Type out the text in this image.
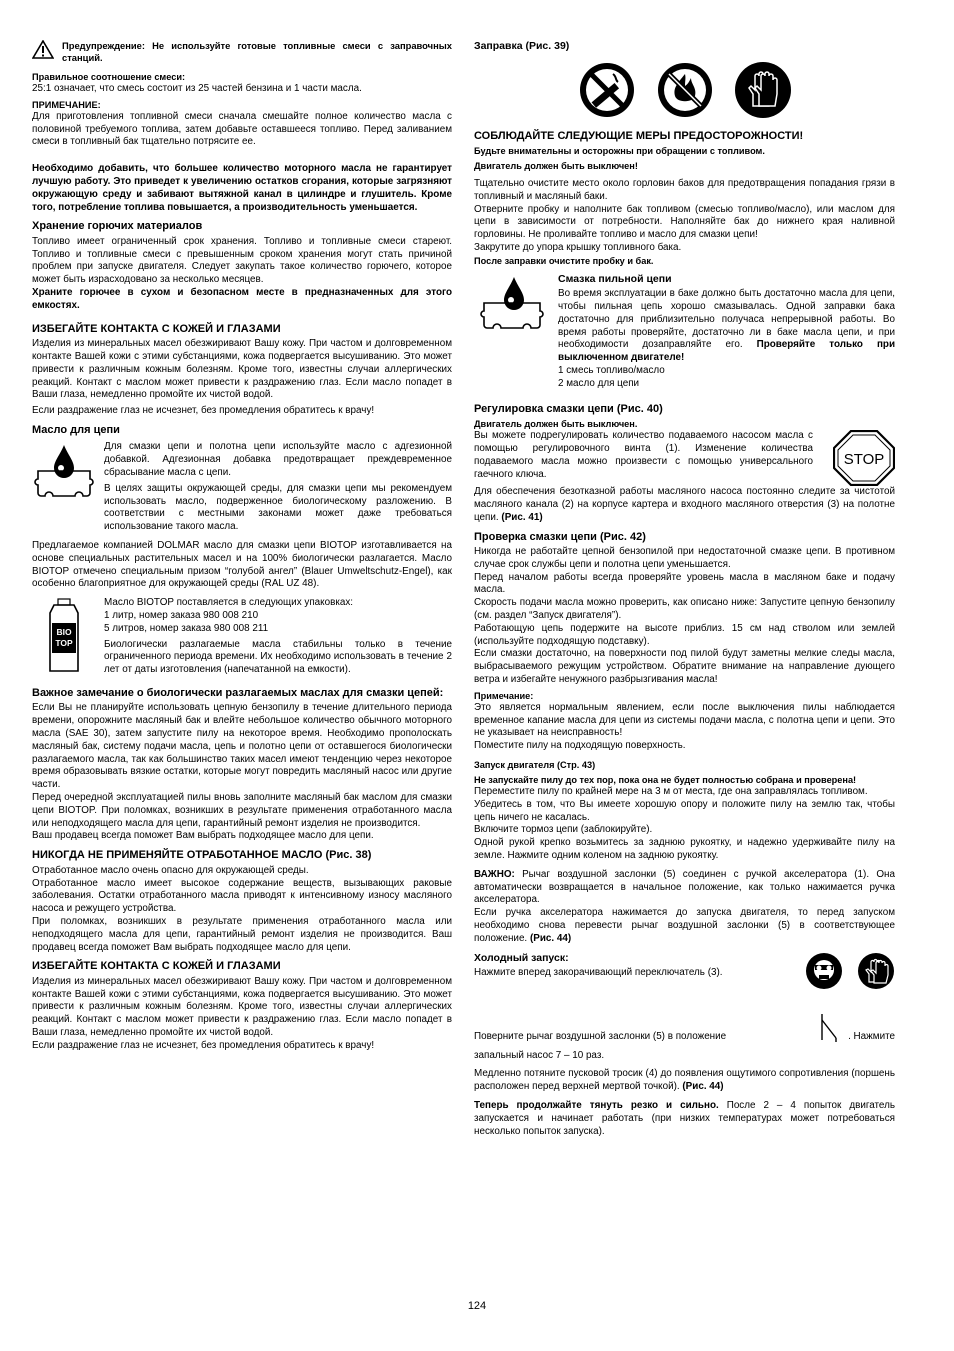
Предупреждение: Не используйте готовые топливные смеси с заправочных станций.

Правильное соотношение смеси:

25:1 означает, что смесь состоит из 25 частей бензина и 1 части масла.

ПРИМЕЧАНИЕ:

Для приготовления топливной смеси сначала смешайте полное количество масла с половиной требуемого топлива, затем добавьте оставшееся топливо. Перед заливанием смеси в топливный бак тщательно потрясите ее.

Необходимо добавить, что большее количество моторного масла не гарантирует лучшую работу. Это приведет к увеличению остатков сгорания, которые загрязняют окружающую среду и забивают вытяжной канал в цилиндре и глушитель. Кроме того, потребление топлива повышается, а производительность уменьшается.

Хранение горючих материалов

Топливо имеет ограниченный срок хранения. Топливо и топливные смеси стареют. Топливо и топливные смеси с превышенным сроком хранения могут стать причиной проблем при запуске двигателя. Следует закупать такое количество горючего, которое может быть израсходовано за несколько месяцев.

Храните горючее в сухом и безопасном месте в предназначенных для этого емкостях.

ИЗБЕГАЙТЕ КОНТАКТА С КОЖЕЙ И ГЛАЗАМИ

Изделия из минеральных масел обезжиривают Вашу кожу. При частом и долговременном контакте Вашей кожи с этими субстанциями, кожа подвергается высушиванию. Это может привести к различным кожным болезням. Кроме того, известны случаи аллергических реакций. Контакт с маслом может привести к раздражению глаз. Если масло попадет в Ваши глаза, немедленно промойте их чистой водой.

Если раздражение глаз не исчезнет, без промедления обратитесь к врачу!

Масло для цепи

Для смазки цепи и полотна цепи используйте масло с адгезионной добавкой. Адгезионная добавка предотвращает преждевременное сбрасывание масла с цепи.

В целях защиты окружающей среды, для смазки цепи мы рекомендуем использовать масло, подверженное биологическому разложению. В соответствии с местными законами может даже требоваться использование такого масла.

Предлагаемое компанией DOLMAR масло для смазки цепи BIOTOP изготавливается на основе специальных растительных масел и на 100% биологически разлагается. Масло BIOTOP отмечено специальным призом “голубой ангел” (Blauer Umweltschutz-Engel), как особенно благоприятное для окружающей среды (RAL UZ 48).

BIO
TOP

Масло BIOTOP поставляется в следующих упаковках:

1 литр, номер заказа 980 008 210

5 литров, номер заказа 980 008 211

Биологически разлагаемые масла стабильны только в течение ограниченного периода времени. Их необходимо использовать в течение 2 лет от даты изготовления (напечатанной на емкости).

Важное замечание о биологически разлагаемых маслах для смазки цепей:

Если Вы не планируйте использовать цепную бензопилу в течение длительного периода времени, опорожните масляный бак и влейте небольшое количество обычного моторного масла (SAE 30), затем запустите пилу на некоторое время. Необходимо прополоскать масляный бак, систему подачи масла, цепь и полотно цепи от оставшегося биологически разлагаемого масла, так как большинство таких масел имеют тенденцию через некоторое время образовывать вязкие остатки, которые могут повредить масляный насос или другие части.

Перед очередной эксплуатацией пилы вновь заполните масляный бак маслом для смазки цепи BIOTOP. При поломках, возникших в результате применения отработанного масла или неподходящего масла для цепи, гарантийный ремонт изделия не производится.

Ваш продавец всегда поможет Вам выбрать подходящее масло для цепи.

НИКОГДА НЕ ПРИМЕНЯЙТЕ ОТРАБОТАННОЕ МАСЛО (Рис. 38)

Отработанное масло очень опасно для окружающей среды.

Отработанное масло имеет высокое содержание веществ, вызывающих раковые заболевания. Остатки отработанного масла приводят к интенсивному износу масляного насоса и режущего устройства.

При поломках, возникших в результате применения отработанного масла или неподходящего масла для цепи, гарантийный ремонт изделия не производится. Ваш продавец всегда поможет Вам выбрать подходящее масло для цепи.

ИЗБЕГАЙТЕ КОНТАКТА С КОЖЕЙ И ГЛАЗАМИ

Изделия из минеральных масел обезжиривают Вашу кожу. При частом и долговременном контакте Вашей кожи с этими субстанциями, кожа подвергается высушиванию. Это может привести к различным кожным болезням. Кроме того, известны случаи аллергических реакций. Контакт с маслом может привести к раздражению глаз. Если масло попадет в Ваши глаза, немедленно промойте их чистой водой.

Если раздражение глаз не исчезнет, без промедления обратитесь к врачу!

Заправка (Рис. 39)
СОБЛЮДАЙТЕ СЛЕДУЮЩИЕ МЕРЫ ПРЕДОСТОРОЖНОСТИ!

Будьте внимательны и осторожны при обращении с топливом.

Двигатель должен быть выключен!

Тщательно очистите место около горловин баков для предотвращения попадания грязи в топливный и масляный баки.

Отверните пробку и наполните бак топливом (смесью топливо/масло), или маслом для цепи в зависимости от потребности. Наполняйте бак до нижнего края наливной горловины. Не проливайте топливо и масло для смазки цепи!

Закрутите до упора крышку топливного бака.

После заправки очистите пробку и бак.

Смазка пильной цепи

Во время эксплуатации в баке должно быть достаточно масла для цепи, чтобы пильная цепь хорошо смазывалась. Одной заправки бака достаточно для приблизительно получаса непрерывной работы. Во время работы проверяйте, достаточно ли в баке масла цепи, и при необходимости дозаправляйте его. Проверяйте только при выключенном двигателе!

1 смесь топливо/масло

2 масло для цепи

Регулировка смазки цепи (Рис. 40)

Двигатель должен быть выключен.

Вы можете подрегулировать количество подаваемого насосом масла с помощью регулировочного винта (1). Изменение количества подаваемого масла можно произвести с помощью универсального гаечного ключа.

STOP

Для обеспечения безотказной работы масляного насоса постоянно следите за чистотой масляного канала (2) на корпусе картера и входного масляного отверстия (3) на полотне цепи. (Рис. 41)

Проверка смазки цепи (Рис. 42)

Никогда не работайте цепной бензопилой при недостаточной смазке цепи. В противном случае срок службы цепи и полотна цепи уменьшается.

Перед началом работы всегда проверяйте уровень масла в масляном баке и подачу масла.

Скорость подачи масла можно проверить, как описано ниже: Запустите цепную бензопилу (см. раздел “Запуск двигателя”).

Работающую цепь подержите на высоте приблиз. 15 см над стволом или землей (используйте подходящую подставку).

Если смазки достаточно, на поверхности под пилой будут заметны мелкие следы масла, выбрасываемого режущим устройством. Обратите внимание на направление дующего ветра и избегайте ненужного разбрызгивания масла!

Примечание:

Это является нормальным явлением, если после выключения пилы наблюдается временное капание масла для цепи из системы подачи масла, с полотна цепи и цепи. Это не указывает на неисправность!

Поместите пилу на подходящую поверхность.

Запуск двигателя (Стр. 43)

Не запускайте пилу до тех пор, пока она не будет полностью собрана и проверена!

Переместите пилу по крайней мере на 3 м от места, где она заправлялась топливом.

Убедитесь в том, что Вы имеете хорошую опору и положите пилу на землю так, чтобы цепь ничего не касалась.

Включите тормоз цепи (заблокируйте).

Одной рукой крепко возьмитесь за заднюю рукоятку, и надежно удерживайте пилу на земле. Нажмите одним коленом на заднюю рукоятку.

ВАЖНО: Рычаг воздушной заслонки (5) соединен с ручкой акселератора (1). Она автоматически возвращается в начальное положение, как только нажимается ручка акселератора.

Если ручка акселератора нажимается до запуска двигателя, то перед запуском необходимо снова перевести рычаг воздушной заслонки (5) в соответствующее положение. (Рис. 44)

Холодный запуск:

Нажмите вперед закорачивающий переключатель (3).

Поверните рычаг воздушной заслонки (5) в положение	. Нажмите

запальный насос 7 – 10 раз.

Медленно потяните пусковой тросик (4) до появления ощутимого сопротивления (поршень расположен перед верхней мертвой точкой). (Рис. 44)

Теперь продолжайте тянуть резко и сильно. После 2 – 4 попыток двигатель запускается и начинает работать (при низких температурах может потребоваться несколько попыток запуска).

124
